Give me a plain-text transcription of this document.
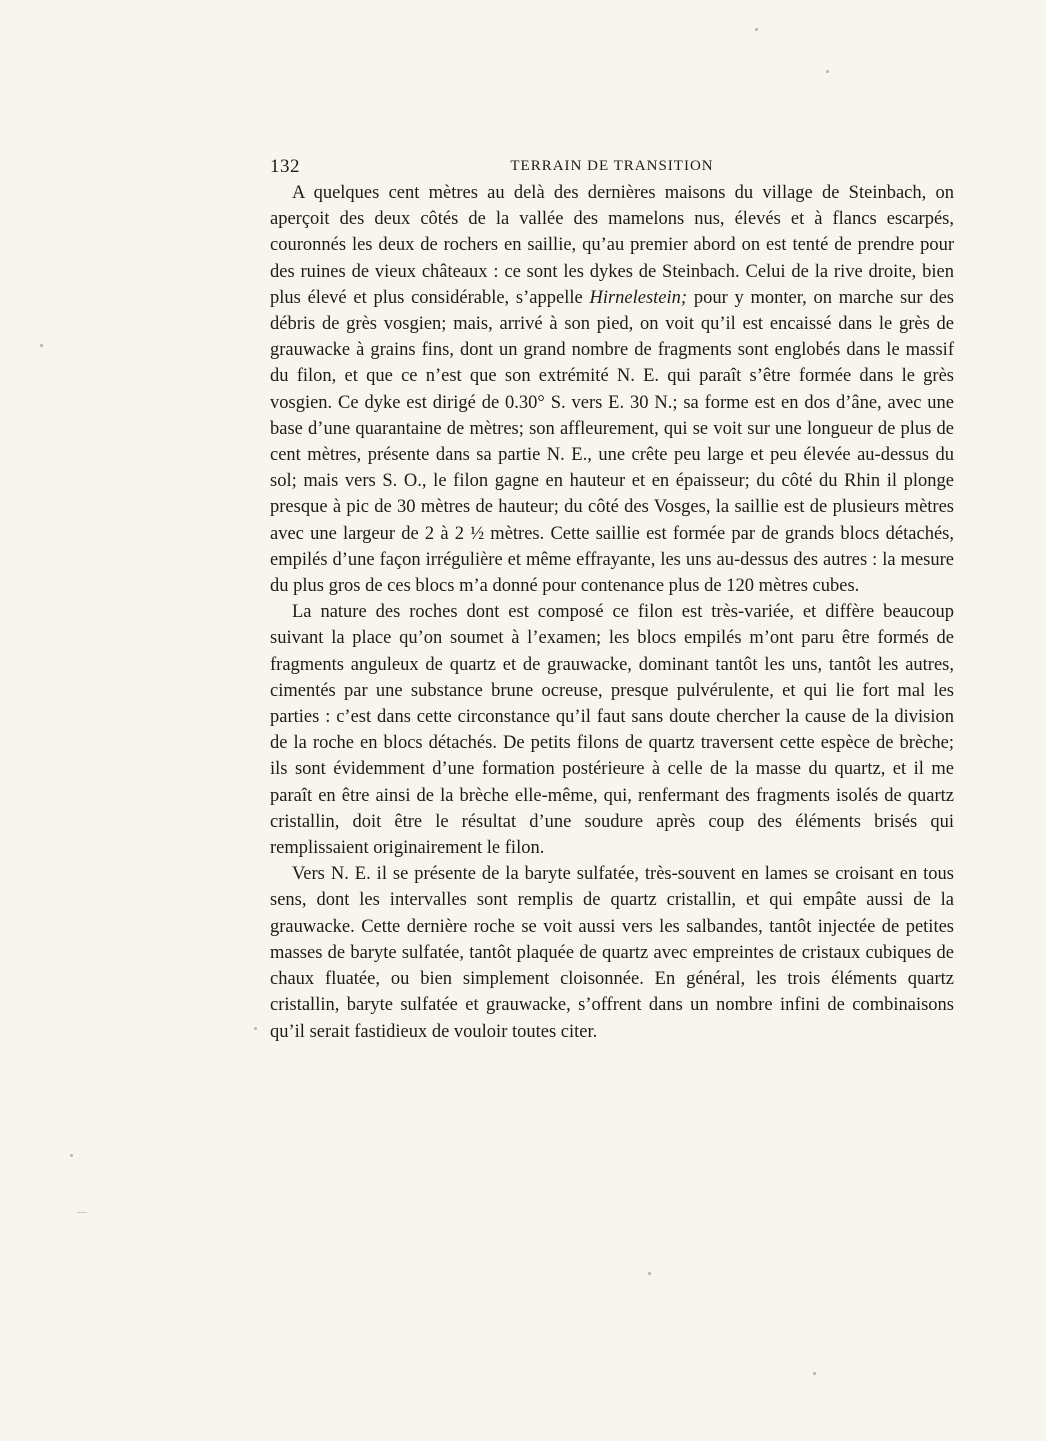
132	TERRAIN DE TRANSITION

A quelques cent mètres au delà des dernières maisons du village de Steinbach, on aperçoit des deux côtés de la vallée des mamelons nus, élevés et à flancs escarpés, couronnés les deux de rochers en saillie, qu’au premier abord on est tenté de prendre pour des ruines de vieux châteaux : ce sont les dykes de Steinbach. Celui de la rive droite, bien plus élevé et plus considérable, s’appelle Hirnelestein; pour y monter, on marche sur des débris de grès vosgien; mais, arrivé à son pied, on voit qu’il est encaissé dans le grès de grauwacke à grains fins, dont un grand nombre de fragments sont englobés dans le massif du filon, et que ce n’est que son extrémité N. E. qui paraît s’être formée dans le grès vosgien. Ce dyke est dirigé de 0.30° S. vers E. 30 N.; sa forme est en dos d’âne, avec une base d’une quarantaine de mètres; son affleurement, qui se voit sur une longueur de plus de cent mètres, présente dans sa partie N. E., une crête peu large et peu élevée au-dessus du sol; mais vers S. O., le filon gagne en hauteur et en épaisseur; du côté du Rhin il plonge presque à pic de 30 mètres de hauteur; du côté des Vosges, la saillie est de plusieurs mètres avec une largeur de 2 à 2 ½ mètres. Cette saillie est formée par de grands blocs détachés, empilés d’une façon irrégulière et même effrayante, les uns au-dessus des autres : la mesure du plus gros de ces blocs m’a donné pour contenance plus de 120 mètres cubes.

La nature des roches dont est composé ce filon est très-variée, et diffère beaucoup suivant la place qu’on soumet à l’examen; les blocs empilés m’ont paru être formés de fragments anguleux de quartz et de grauwacke, dominant tantôt les uns, tantôt les autres, cimentés par une substance brune ocreuse, presque pulvérulente, et qui lie fort mal les parties : c’est dans cette circonstance qu’il faut sans doute chercher la cause de la division de la roche en blocs détachés. De petits filons de quartz traversent cette espèce de brèche; ils sont évidemment d’une formation postérieure à celle de la masse du quartz, et il me paraît en être ainsi de la brèche elle-même, qui, renfermant des fragments isolés de quartz cristallin, doit être le résultat d’une soudure après coup des éléments brisés qui remplissaient originairement le filon.

Vers N. E. il se présente de la baryte sulfatée, très-souvent en lames se croisant en tous sens, dont les intervalles sont remplis de quartz cristallin, et qui empâte aussi de la grauwacke. Cette dernière roche se voit aussi vers les salbandes, tantôt injectée de petites masses de baryte sulfatée, tantôt plaquée de quartz avec empreintes de cristaux cubiques de chaux fluatée, ou bien simplement cloisonnée. En général, les trois éléments quartz cristallin, baryte sulfatée et grauwacke, s’offrent dans un nombre infini de combinaisons qu’il serait fastidieux de vouloir toutes citer.
